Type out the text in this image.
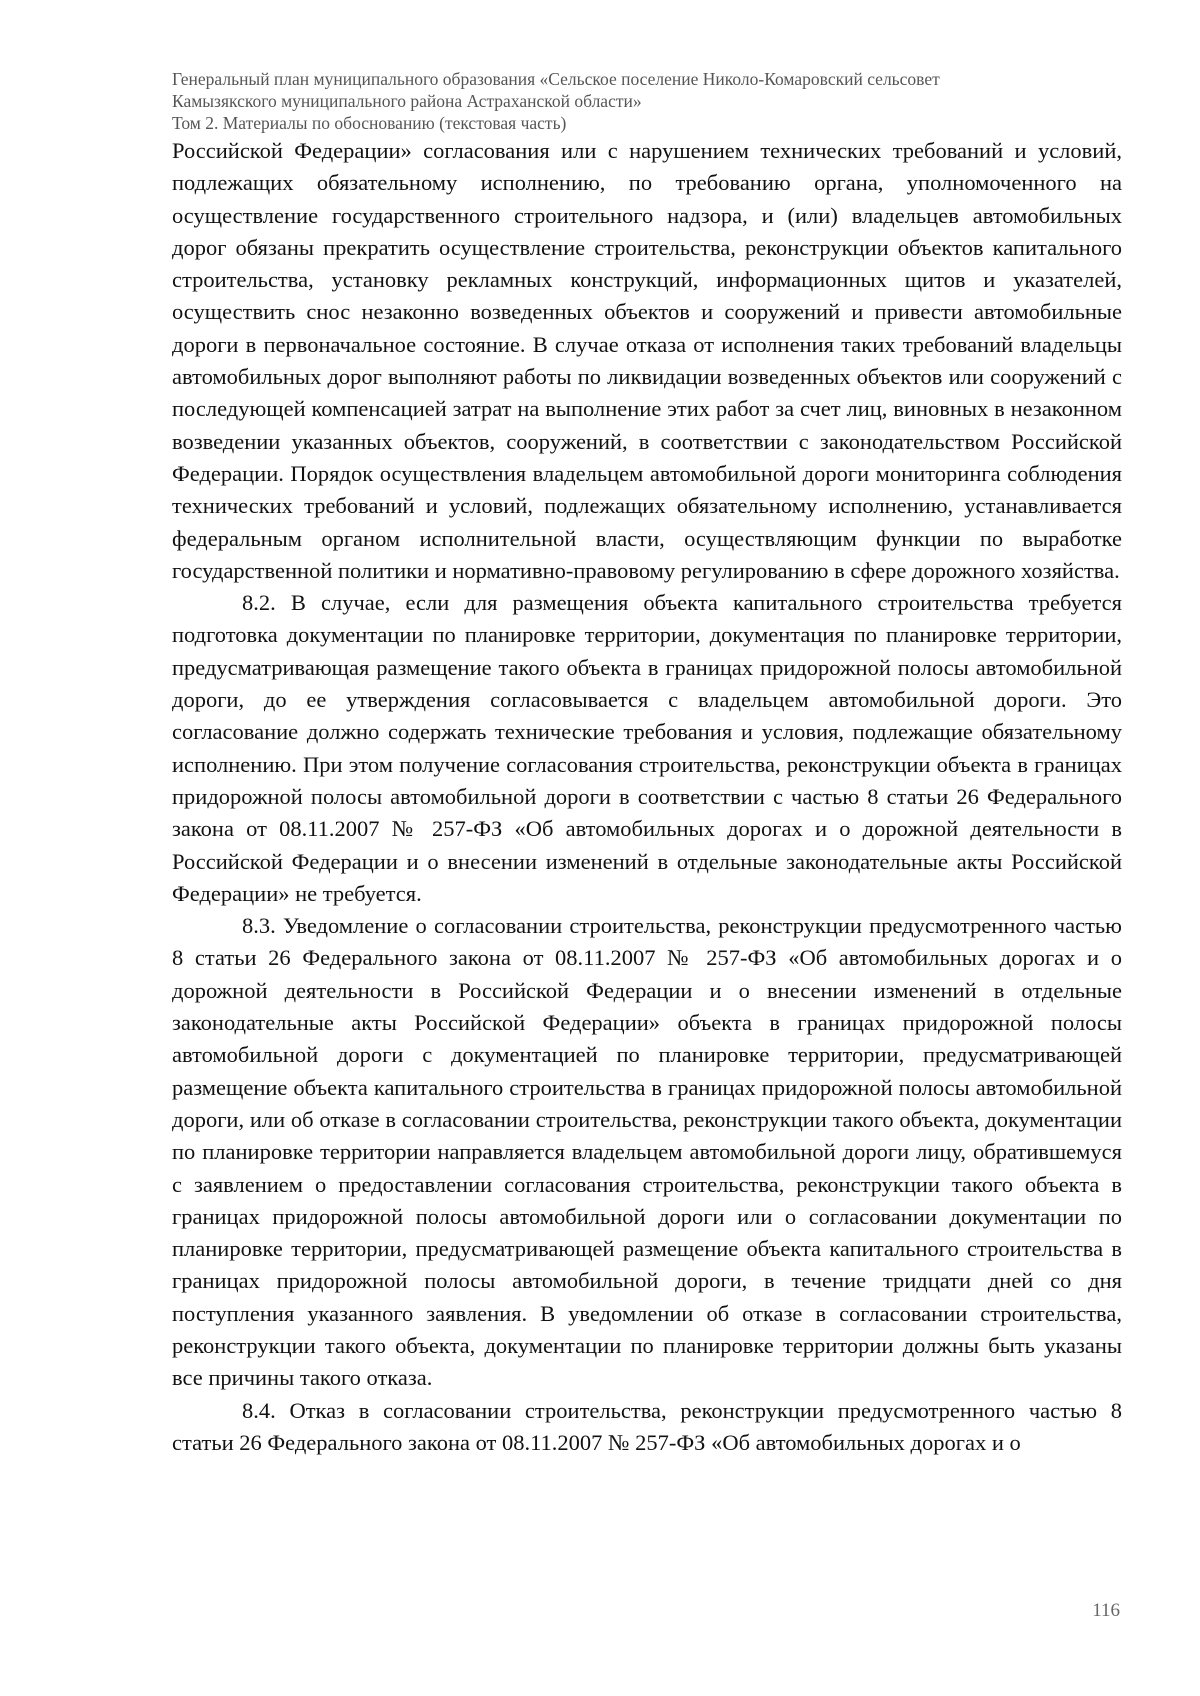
Генеральный план муниципального образования «Сельское поселение Николо-Комаровский сельсовет
Камызякского муниципального района Астраханской области»
Том 2. Материалы по обоснованию (текстовая часть)

Российской Федерации» согласования или с нарушением технических требований и условий, подлежащих обязательному исполнению, по требованию органа, уполномоченного на осуществление государственного строительного надзора, и (или) владельцев автомобильных дорог обязаны прекратить осуществление строительства, реконструкции объектов капитального строительства, установку рекламных конструкций, информационных щитов и указателей, осуществить снос незаконно возведенных объектов и сооружений и привести автомобильные дороги в первоначальное состояние. В случае отказа от исполнения таких требований владельцы автомобильных дорог выполняют работы по ликвидации возведенных объектов или сооружений с последующей компенсацией затрат на выполнение этих работ за счет лиц, виновных в незаконном возведении указанных объектов, сооружений, в соответствии с законодательством Российской Федерации. Порядок осуществления владельцем автомобильной дороги мониторинга соблюдения технических требований и условий, подлежащих обязательному исполнению, устанавливается федеральным органом исполнительной власти, осуществляющим функции по выработке государственной политики и нормативно-правовому регулированию в сфере дорожного хозяйства.

8.2. В случае, если для размещения объекта капитального строительства требуется подготовка документации по планировке территории, документация по планировке территории, предусматривающая размещение такого объекта в границах придорожной полосы автомобильной дороги, до ее утверждения согласовывается с владельцем автомобильной дороги. Это согласование должно содержать технические требования и условия, подлежащие обязательному исполнению. При этом получение согласования строительства, реконструкции объекта в границах придорожной полосы автомобильной дороги в соответствии с частью 8 статьи 26 Федерального закона от 08.11.2007 № 257-ФЗ «Об автомобильных дорогах и о дорожной деятельности в Российской Федерации и о внесении изменений в отдельные законодательные акты Российской Федерации» не требуется.

8.3. Уведомление о согласовании строительства, реконструкции предусмотренного частью 8 статьи 26 Федерального закона от 08.11.2007 № 257-ФЗ «Об автомобильных дорогах и о дорожной деятельности в Российской Федерации и о внесении изменений в отдельные законодательные акты Российской Федерации» объекта в границах придорожной полосы автомобильной дороги с документацией по планировке территории, предусматривающей размещение объекта капитального строительства в границах придорожной полосы автомобильной дороги, или об отказе в согласовании строительства, реконструкции такого объекта, документации по планировке территории направляется владельцем автомобильной дороги лицу, обратившемуся с заявлением о предоставлении согласования строительства, реконструкции такого объекта в границах придорожной полосы автомобильной дороги или о согласовании документации по планировке территории, предусматривающей размещение объекта капитального строительства в границах придорожной полосы автомобильной дороги, в течение тридцати дней со дня поступления указанного заявления. В уведомлении об отказе в согласовании строительства, реконструкции такого объекта, документации по планировке территории должны быть указаны все причины такого отказа.

8.4. Отказ в согласовании строительства, реконструкции предусмотренного частью 8 статьи 26 Федерального закона от 08.11.2007 № 257-ФЗ «Об автомобильных дорогах и о

116
